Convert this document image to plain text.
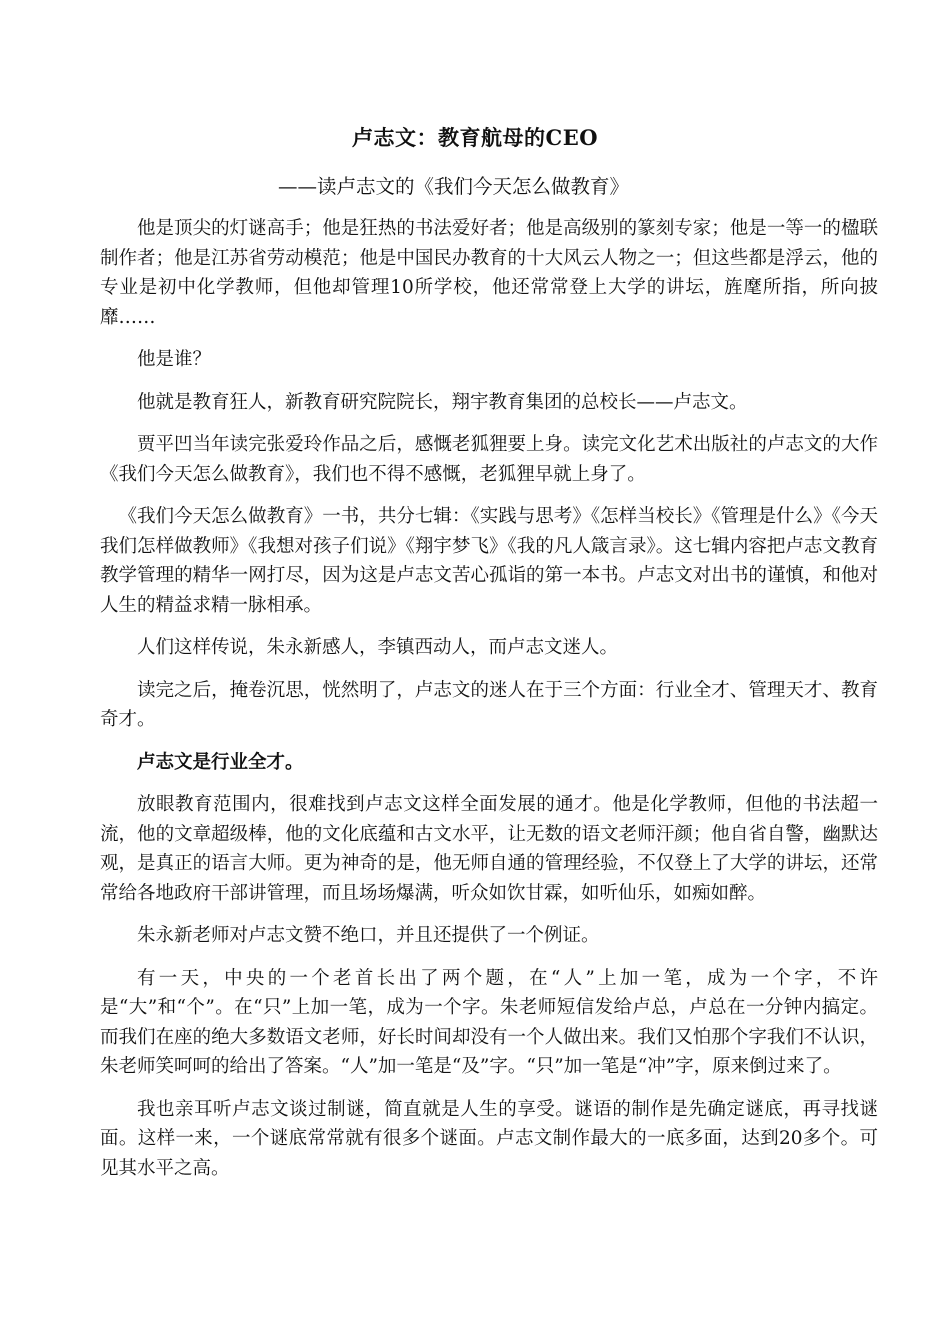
卢志文：教育航母的CEO
——读卢志文的《我们今天怎么做教育》

他是顶尖的灯谜高手；他是狂热的书法爱好者；他是高级别的篆刻专家；他是一等一的楹联制作者；他是江苏省劳动模范；他是中国民办教育的十大风云人物之一；但这些都是浮云，他的专业是初中化学教师，但他却管理10所学校，他还常常登上大学的讲坛，旌麾所指，所向披靡……

他是谁？

他就是教育狂人，新教育研究院院长，翔宇教育集团的总校长——卢志文。

贾平凹当年读完张爱玲作品之后，感慨老狐狸要上身。读完文化艺术出版社的卢志文的大作《我们今天怎么做教育》，我们也不得不感慨，老狐狸早就上身了。

《我们今天怎么做教育》一书，共分七辑：《实践与思考》《怎样当校长》《管理是什么》《今天我们怎样做教师》《我想对孩子们说》《翔宇梦飞》《我的凡人箴言录》。这七辑内容把卢志文教育教学管理的精华一网打尽，因为这是卢志文苦心孤诣的第一本书。卢志文对出书的谨慎，和他对人生的精益求精一脉相承。

人们这样传说，朱永新感人，李镇西动人，而卢志文迷人。

读完之后，掩卷沉思，恍然明了，卢志文的迷人在于三个方面：行业全才、管理天才、教育奇才。

卢志文是行业全才。

放眼教育范围内，很难找到卢志文这样全面发展的通才。他是化学教师，但他的书法超一流，他的文章超级棒，他的文化底蕴和古文水平，让无数的语文老师汗颜；他自省自警，幽默达观，是真正的语言大师。更为神奇的是，他无师自通的管理经验，不仅登上了大学的讲坛，还常常给各地政府干部讲管理，而且场场爆满，听众如饮甘霖，如听仙乐，如痴如醉。

朱永新老师对卢志文赞不绝口，并且还提供了一个例证。

有一天，中央的一个老首长出了两个题，在“人”上加一笔，成为一个字，不许是“大”和“个”。在“只”上加一笔，成为一个字。朱老师短信发给卢总，卢总在一分钟内搞定。而我们在座的绝大多数语文老师，好长时间却没有一个人做出来。我们又怕那个字我们不认识，朱老师笑呵呵的给出了答案。“人”加一笔是“及”字。“只”加一笔是“冲”字，原来倒过来了。

我也亲耳听卢志文谈过制谜，简直就是人生的享受。谜语的制作是先确定谜底，再寻找谜面。这样一来，一个谜底常常就有很多个谜面。卢志文制作最大的一底多面，达到20多个。可见其水平之高。
